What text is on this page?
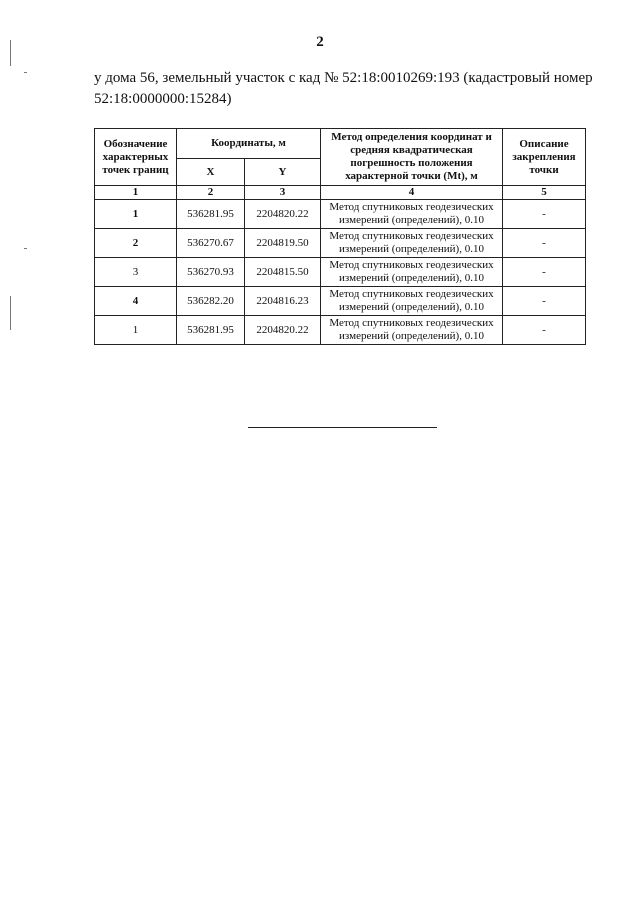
2
у дома 56, земельный участок с кад № 52:18:0010269:193 (кадастровый номер 52:18:0000000:15284)
Обозначение характерных точек границ	Координаты, м		Метод определения координат и средняя квадратическая погрешность положения характерной точки (Mt), м	Описание закрепления точки
	X	Y		
1	2	3	4	5
1	536281.95	2204820.22	Метод спутниковых геодезических измерений (определений), 0.10	-
2	536270.67	2204819.50	Метод спутниковых геодезических измерений (определений), 0.10	-
3	536270.93	2204815.50	Метод спутниковых геодезических измерений (определений), 0.10	-
4	536282.20	2204816.23	Метод спутниковых геодезических измерений (определений), 0.10	-
1	536281.95	2204820.22	Метод спутниковых геодезических измерений (определений), 0.10	-
